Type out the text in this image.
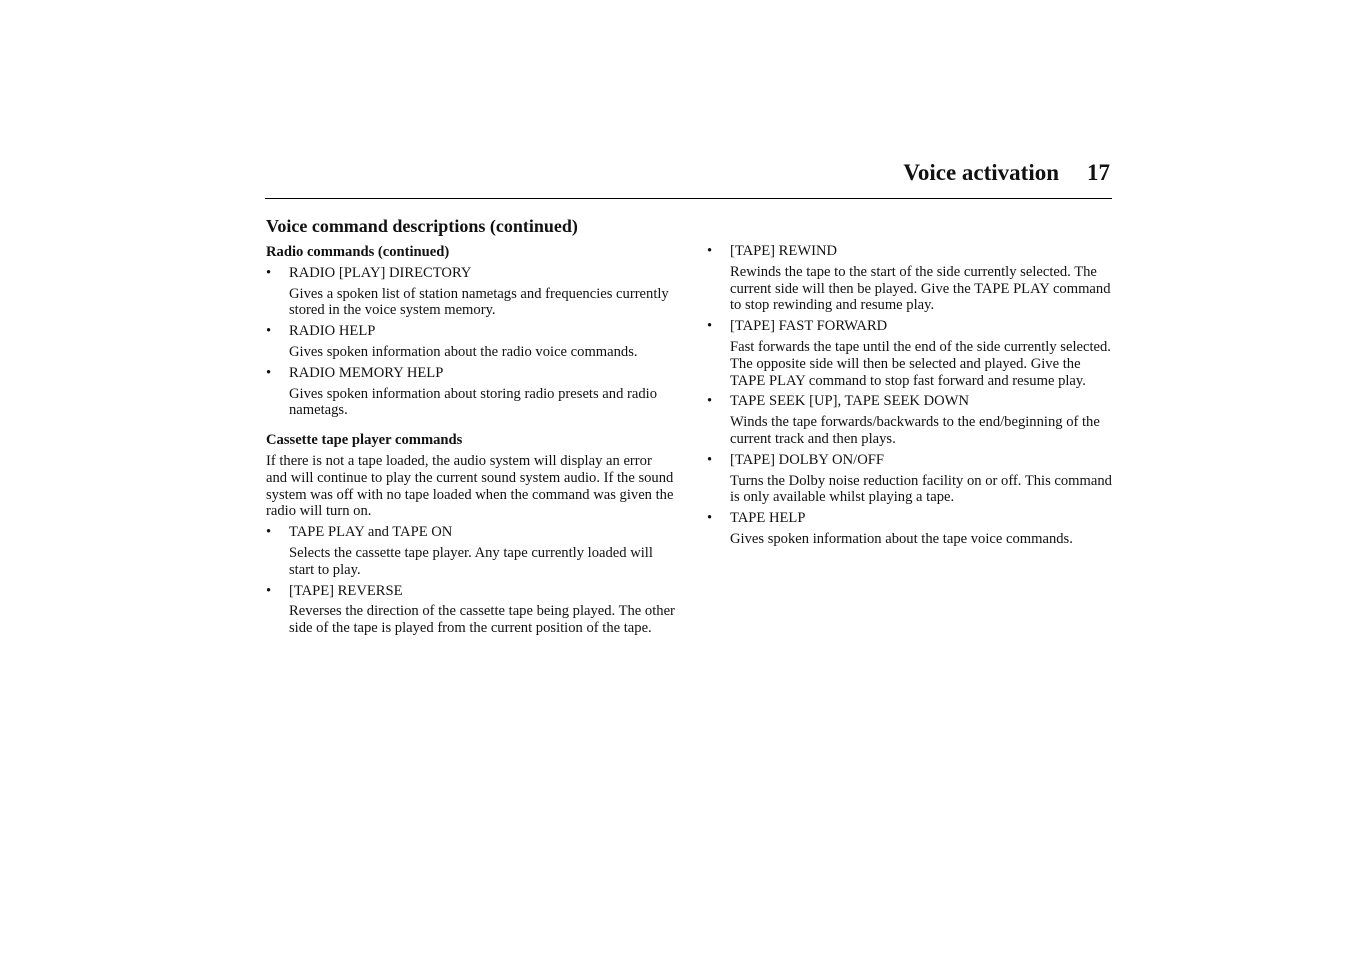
Voice activation 17
Voice command descriptions (continued)
Radio commands (continued)
• RADIO [PLAY] DIRECTORY

Gives a spoken list of station nametags and frequencies currently stored in the voice system memory.

• RADIO HELP

Gives spoken information about the radio voice commands.

• RADIO MEMORY HELP

Gives spoken information about storing radio presets and radio nametags.

Cassette tape player commands

If there is not a tape loaded, the audio system will display an error and will continue to play the current sound system audio. If the sound system was off with no tape loaded when the command was given the radio will turn on.

• TAPE PLAY and TAPE ON

Selects the cassette tape player. Any tape currently loaded will start to play.

• [TAPE] REVERSE

Reverses the direction of the cassette tape being played. The other side of the tape is played from the current position of the tape.

• [TAPE] REWIND

Rewinds the tape to the start of the side currently selected. The current side will then be played. Give the TAPE PLAY command to stop rewinding and resume play.

• [TAPE] FAST FORWARD

Fast forwards the tape until the end of the side currently selected. The opposite side will then be selected and played. Give the TAPE PLAY command to stop fast forward and resume play.

• TAPE SEEK [UP], TAPE SEEK DOWN

Winds the tape forwards/backwards to the end/beginning of the current track and then plays.

• [TAPE] DOLBY ON/OFF

Turns the Dolby noise reduction facility on or off. This command is only available whilst playing a tape.

• TAPE HELP

Gives spoken information about the tape voice commands.
